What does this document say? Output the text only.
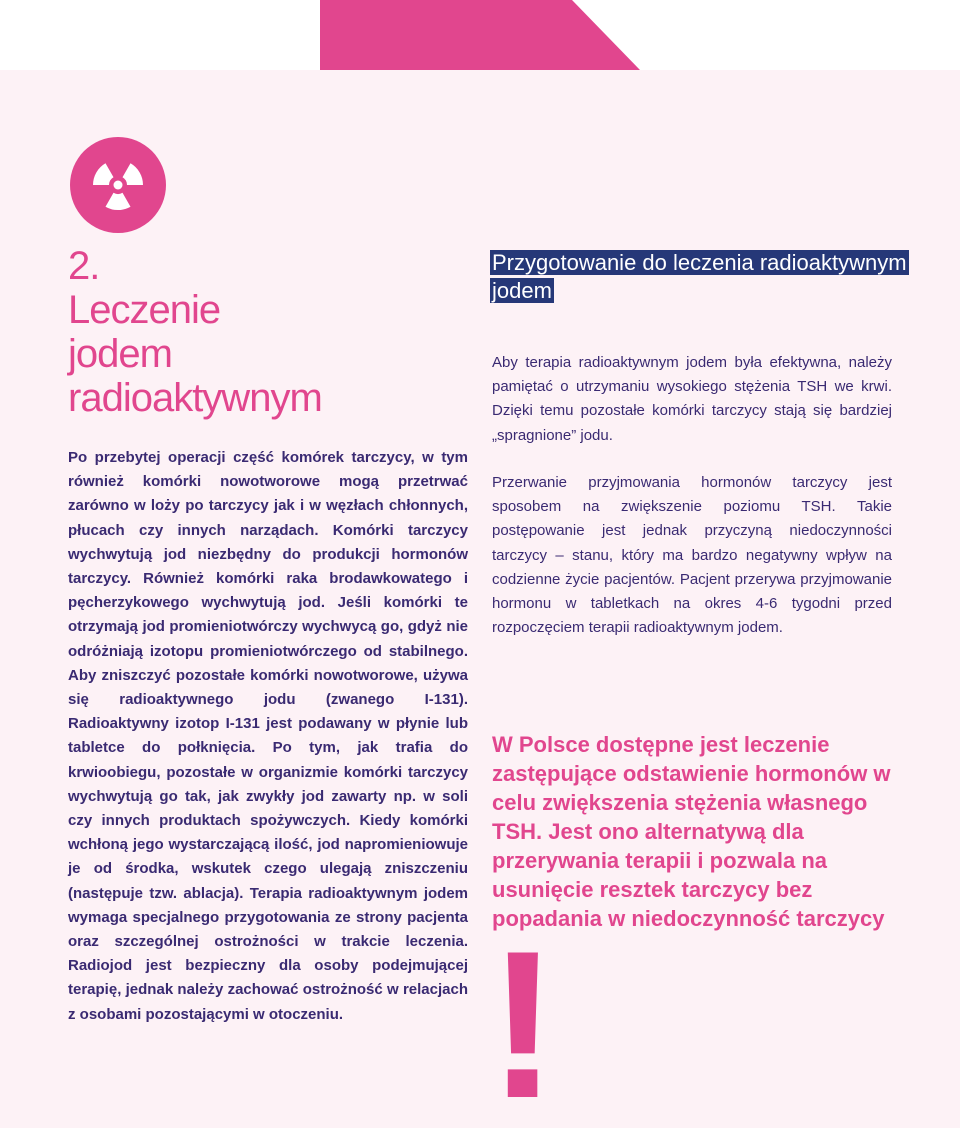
2.
Leczenie
jodem
radioaktywnym

Po przebytej operacji część komórek tarczycy, w tym również komórki nowotworowe mogą przetrwać zarówno w loży po tarczycy jak i w węzłach chłonnych, płucach czy innych narządach. Komórki tarczycy wychwytują jod niezbędny do produkcji hormonów tarczycy. Również komórki raka brodawkowatego i pęcherzykowego wychwytują jod. Jeśli komórki te otrzymają jod promieniotwórczy wychwycą go, gdyż nie odróżniają izotopu promieniotwórczego od stabilnego. Aby zniszczyć pozostałe komórki nowotworowe, używa się radioaktywnego jodu (zwanego I-131). Radioaktywny izotop I-131 jest podawany w płynie lub tabletce do połknięcia. Po tym, jak trafia do krwioobiegu, pozostałe w organizmie komórki tarczycy wychwytują go tak, jak zwykły jod zawarty np. w soli czy innych produktach spożywczych. Kiedy komórki wchłoną jego wystarczającą ilość, jod napromieniowuje je od środka, wskutek czego ulegają zniszczeniu (następuje tzw. ablacja). Terapia radioaktywnym jodem wymaga specjalnego przygotowania ze strony pacjenta oraz szczególnej ostrożności w trakcie leczenia. Radiojod jest bezpieczny dla osoby podejmującej terapię, jednak należy zachować ostrożność w relacjach z osobami pozostającymi w otoczeniu.

Przygotowanie do leczenia radioaktywnym jodem

Aby terapia radioaktywnym jodem była efektywna, należy pamiętać o utrzymaniu wysokiego stężenia TSH we krwi. Dzięki temu pozostałe komórki tarczycy stają się bardziej „spragnione” jodu.

Przerwanie przyjmowania hormonów tarczycy jest sposobem na zwiększenie poziomu TSH. Takie postępowanie jest jednak przyczyną niedoczynności tarczycy – stanu, który ma bardzo negatywny wpływ na codzienne życie pacjentów. Pacjent przerywa przyjmowanie hormonu w tabletkach na okres 4-6 tygodni przed rozpoczęciem terapii radioaktywnym jodem.

W Polsce dostępne jest leczenie zastępujące odstawienie hormonów w celu zwiększenia stężenia własnego TSH. Jest ono alternatywą dla przerywania terapii i pozwala na usunięcie resztek tarczycy bez popadania w niedoczynność tarczycy

!
